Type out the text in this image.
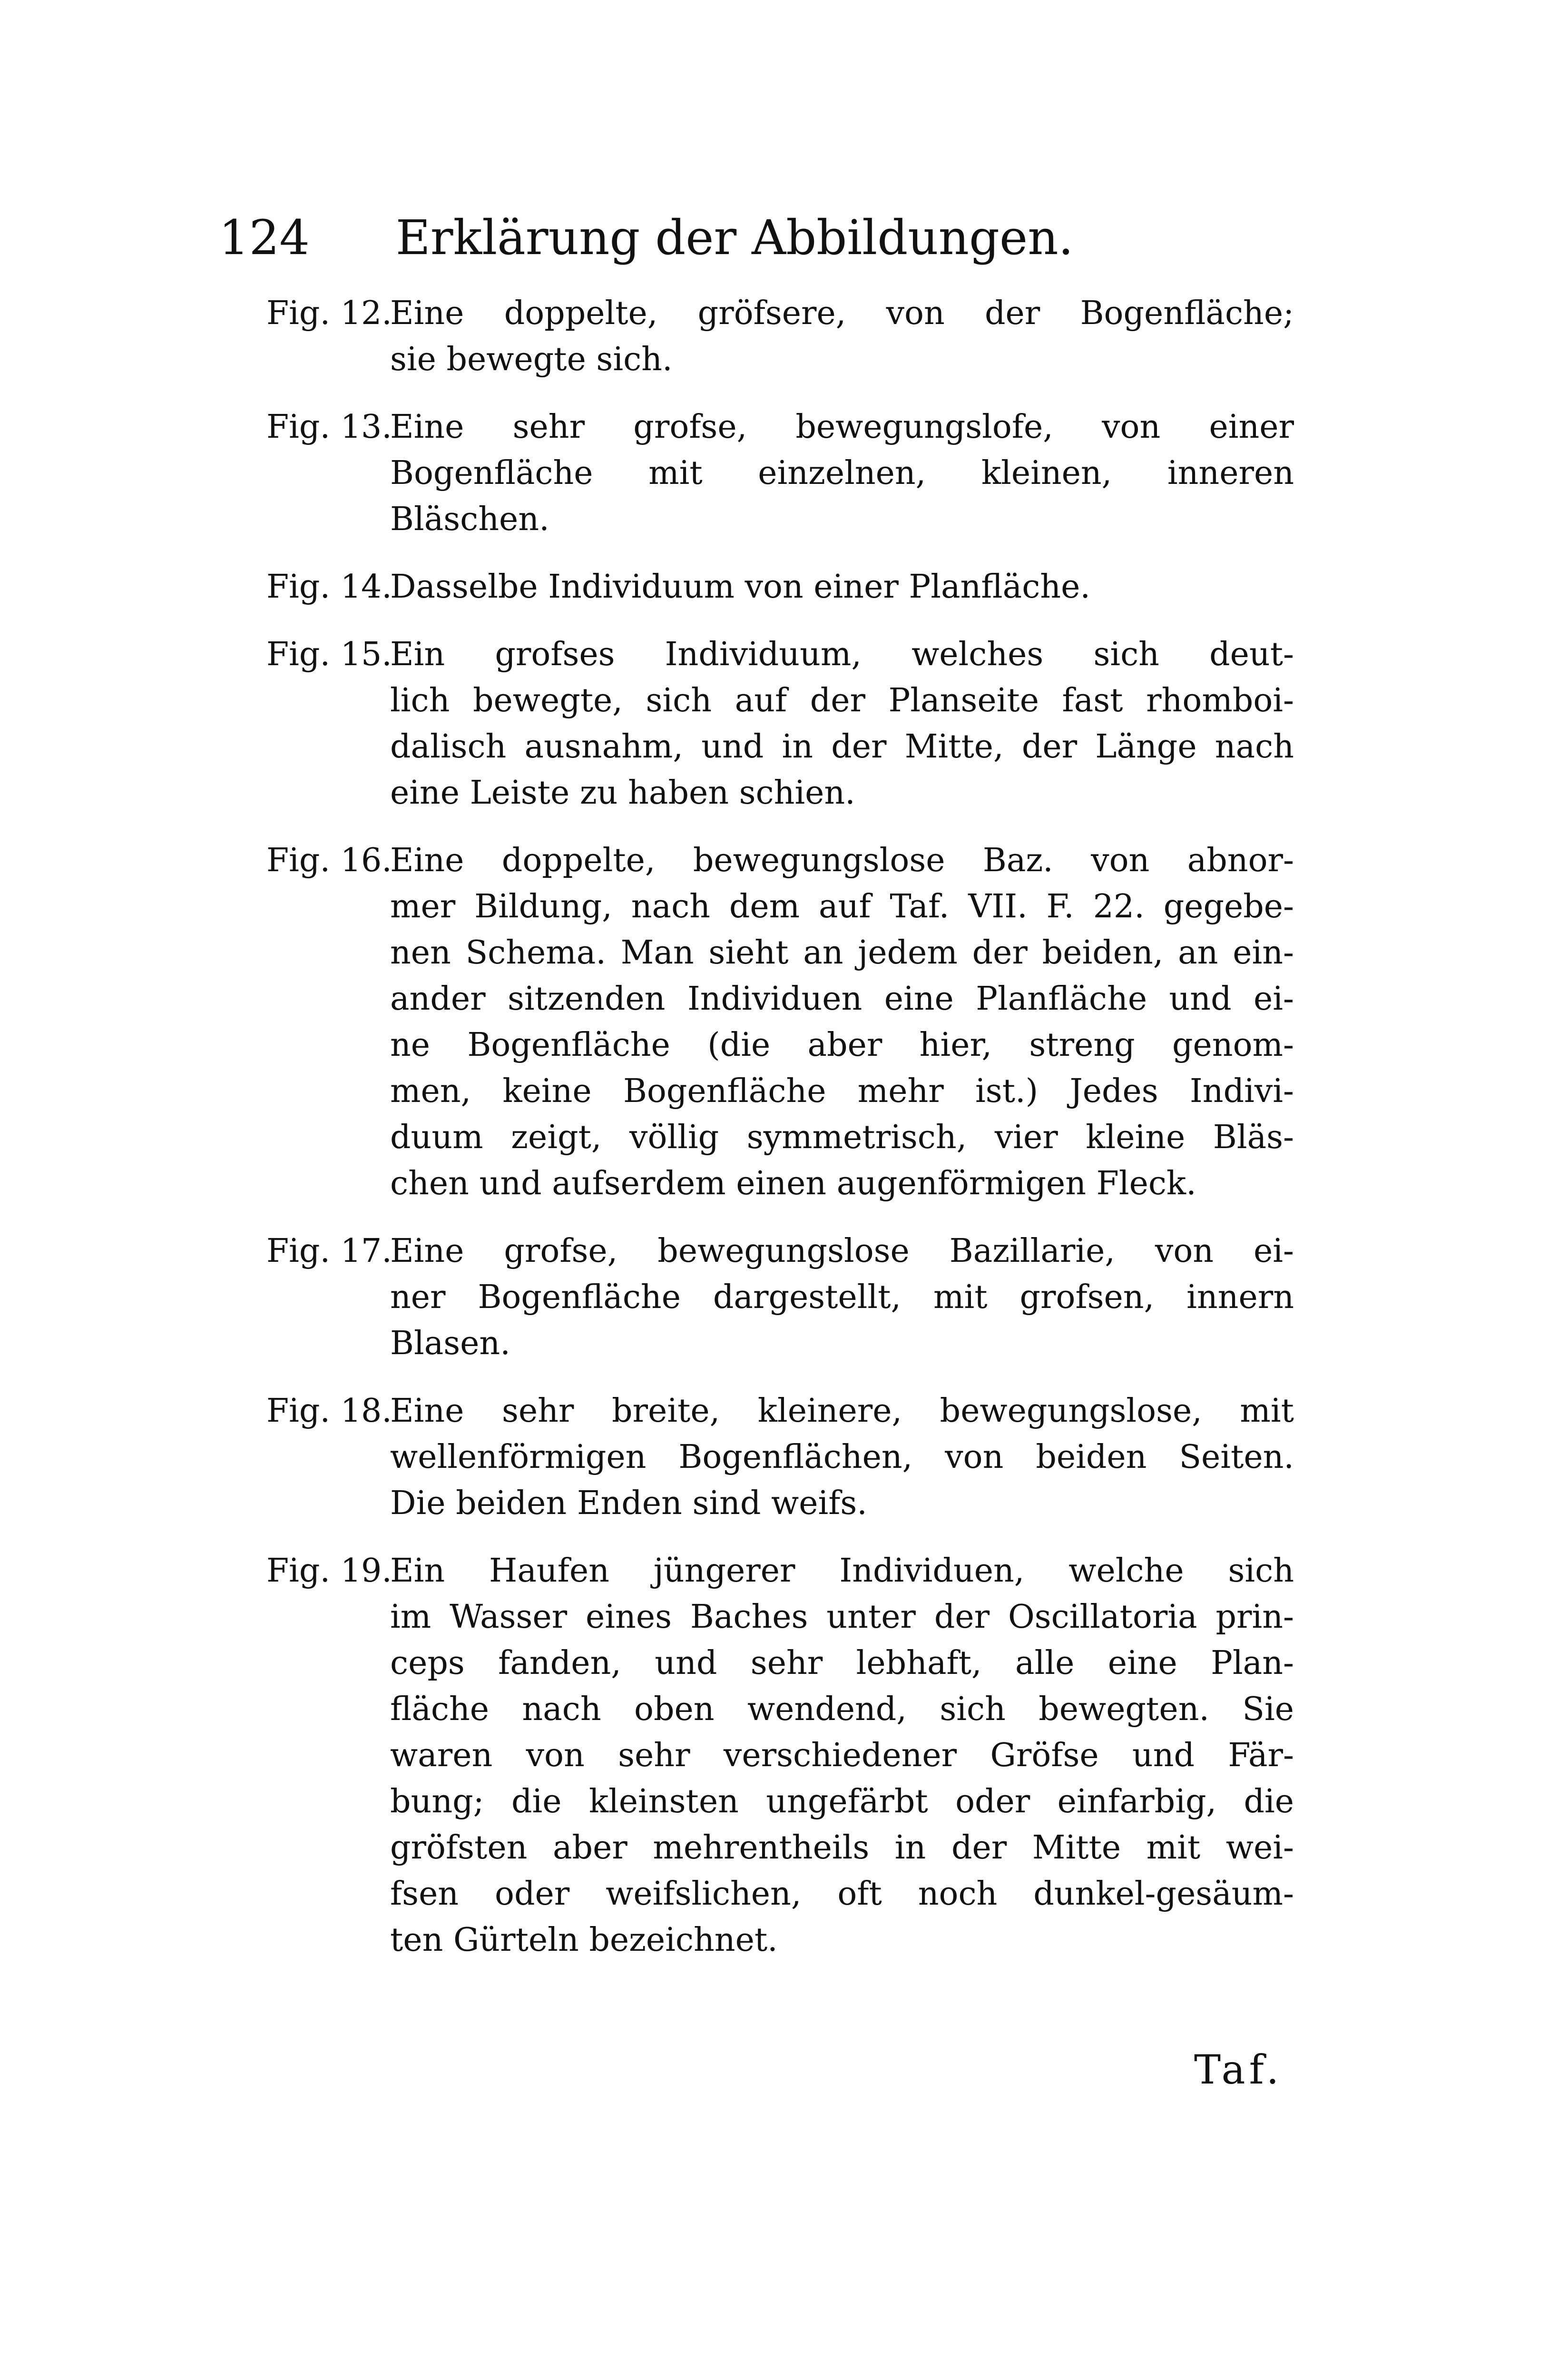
124 Erklärung der Abbildungen.
Fig. 12.
Eine doppelte, gröfsere, von der Bogenfläche;
sie bewegte sich.
Fig. 13.
Eine sehr grofse, bewegungslofe, von einer
Bogenfläche mit einzelnen, kleinen, inneren
Bläschen.
Fig. 14.
Dasselbe Individuum von einer Planfläche.
Fig. 15.
Ein grofses Individuum, welches sich deut-
lich bewegte, sich auf der Planseite fast rhomboi-
dalisch ausnahm, und in der Mitte, der Länge nach
eine Leiste zu haben schien.
Fig. 16.
Eine doppelte, bewegungslose Baz. von abnor-
mer Bildung, nach dem auf Taf. VII. F. 22. gegebe-
nen Schema. Man sieht an jedem der beiden, an ein-
ander sitzenden Individuen eine Planfläche und ei-
ne Bogenfläche (die aber hier, streng genom-
men, keine Bogenfläche mehr ist.) Jedes Indivi-
duum zeigt, völlig symmetrisch, vier kleine Bläs-
chen und aufserdem einen augenförmigen Fleck.
Fig. 17.
Eine grofse, bewegungslose Bazillarie, von ei-
ner Bogenfläche dargestellt, mit grofsen, innern
Blasen.
Fig. 18.
Eine sehr breite, kleinere, bewegungslose, mit
wellenförmigen Bogenflächen, von beiden Seiten.
Die beiden Enden sind weifs.
Fig. 19.
Ein Haufen jüngerer Individuen, welche sich
im Wasser eines Baches unter der Oscillatoria prin-
ceps fanden, und sehr lebhaft, alle eine Plan-
fläche nach oben wendend, sich bewegten. Sie
waren von sehr verschiedener Gröfse und Fär-
bung; die kleinsten ungefärbt oder einfarbig, die
gröfsten aber mehrentheils in der Mitte mit wei-
fsen oder weifslichen, oft noch dunkel-gesäum-
ten Gürteln bezeichnet.
Taf.
